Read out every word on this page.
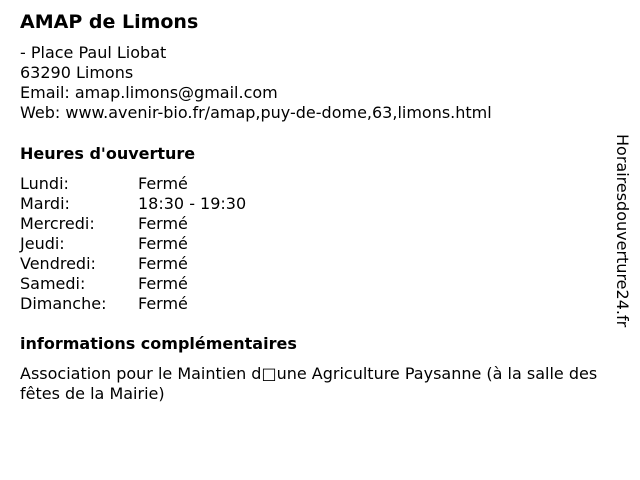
AMAP de Limons
- Place Paul Liobat
63290 Limons
Email: amap.limons@gmail.com
Web: www.avenir-bio.fr/amap,puy-de-dome,63,limons.html
Heures d'ouverture
Lundi:	Fermé
Mardi:	18:30 - 19:30
Mercredi:	Fermé
Jeudi:	Fermé
Vendredi:	Fermé
Samedi:	Fermé
Dimanche:	Fermé
informations complémentaires
Association pour le Maintien d□une Agriculture Paysanne (à la salle des fêtes de la Mairie)
Horairesdouverture24.fr
